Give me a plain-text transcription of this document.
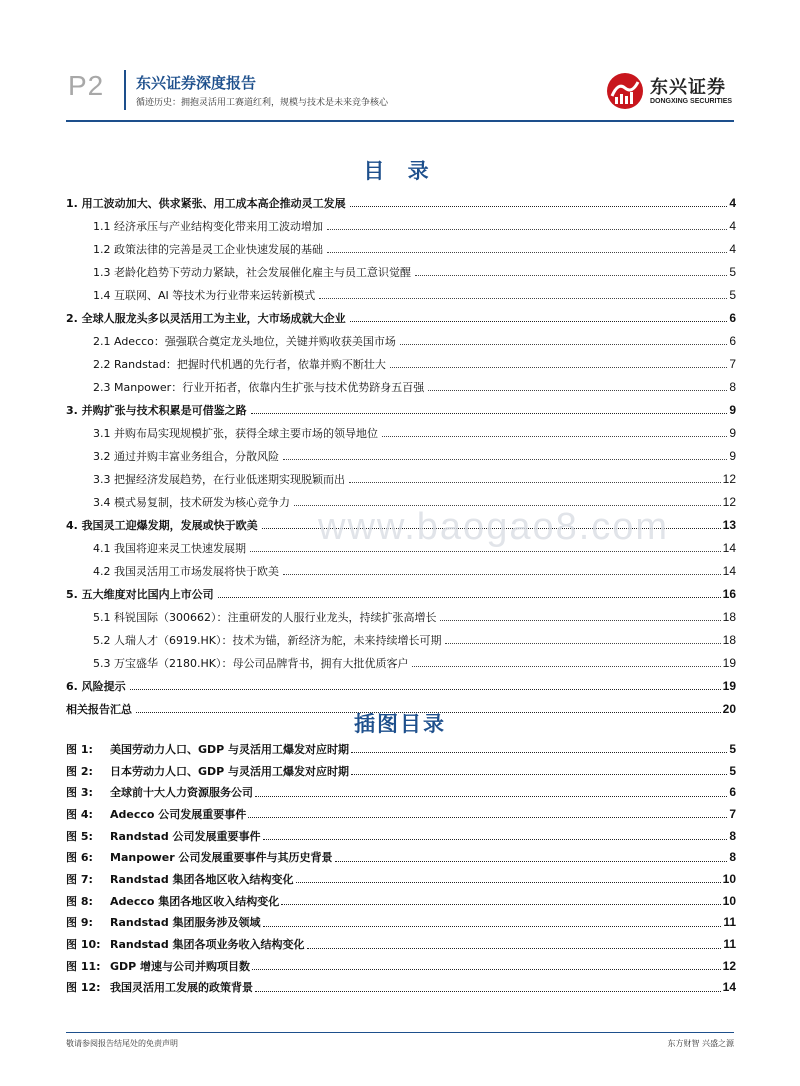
P2 东兴证券深度报告
循迹历史：拥抱灵活用工赛道红利，规模与技术是未来竞争核心
东兴证券
DONGXING SECURITIES
目 录
1. 用工波动加大、供求紧张、用工成本高企推动灵工发展	4
1.1 经济承压与产业结构变化带来用工波动增加	4
1.2 政策法律的完善是灵工企业快速发展的基础	4
1.3 老龄化趋势下劳动力紧缺，社会发展催化雇主与员工意识觉醒	5
1.4 互联网、AI 等技术为行业带来运转新模式	5
2. 全球人服龙头多以灵活用工为主业，大市场成就大企业	6
2.1 Adecco：强强联合奠定龙头地位，关键并购收获美国市场	6
2.2 Randstad：把握时代机遇的先行者，依靠并购不断壮大	7
2.3 Manpower：行业开拓者，依靠内生扩张与技术优势跻身五百强	8
3. 并购扩张与技术积累是可借鉴之路	9
3.1 并购布局实现规模扩张，获得全球主要市场的领导地位	9
3.2 通过并购丰富业务组合，分散风险	9
3.3 把握经济发展趋势，在行业低迷期实现脱颖而出	12
3.4 模式易复制，技术研发为核心竞争力	12
4. 我国灵工迎爆发期，发展或快于欧美	13
4.1 我国将迎来灵工快速发展期	14
4.2 我国灵活用工市场发展将快于欧美	14
5. 五大维度对比国内上市公司	16
5.1 科锐国际（300662）：注重研发的人服行业龙头，持续扩张高增长	18
5.2 人瑞人才（6919.HK）：技术为锚，新经济为舵，未来持续增长可期	18
5.3 万宝盛华（2180.HK）：母公司品牌背书，拥有大批优质客户	19
6. 风险提示	19
相关报告汇总	20
www.baogao8.com
插图目录
图 1:	美国劳动力人口、GDP 与灵活用工爆发对应时期	5
图 2:	日本劳动力人口、GDP 与灵活用工爆发对应时期	5
图 3:	全球前十大人力资源服务公司	6
图 4:	Adecco 公司发展重要事件	7
图 5:	Randstad 公司发展重要事件	8
图 6:	Manpower 公司发展重要事件与其历史背景	8
图 7:	Randstad 集团各地区收入结构变化	10
图 8:	Adecco 集团各地区收入结构变化	10
图 9:	Randstad 集团服务涉及领域	11
图 10: Randstad 集团各项业务收入结构变化	11
图 11: GDP 增速与公司并购项目数	12
图 12: 我国灵活用工发展的政策背景	14
敬请参阅报告结尾处的免责声明	东方财智 兴盛之源
